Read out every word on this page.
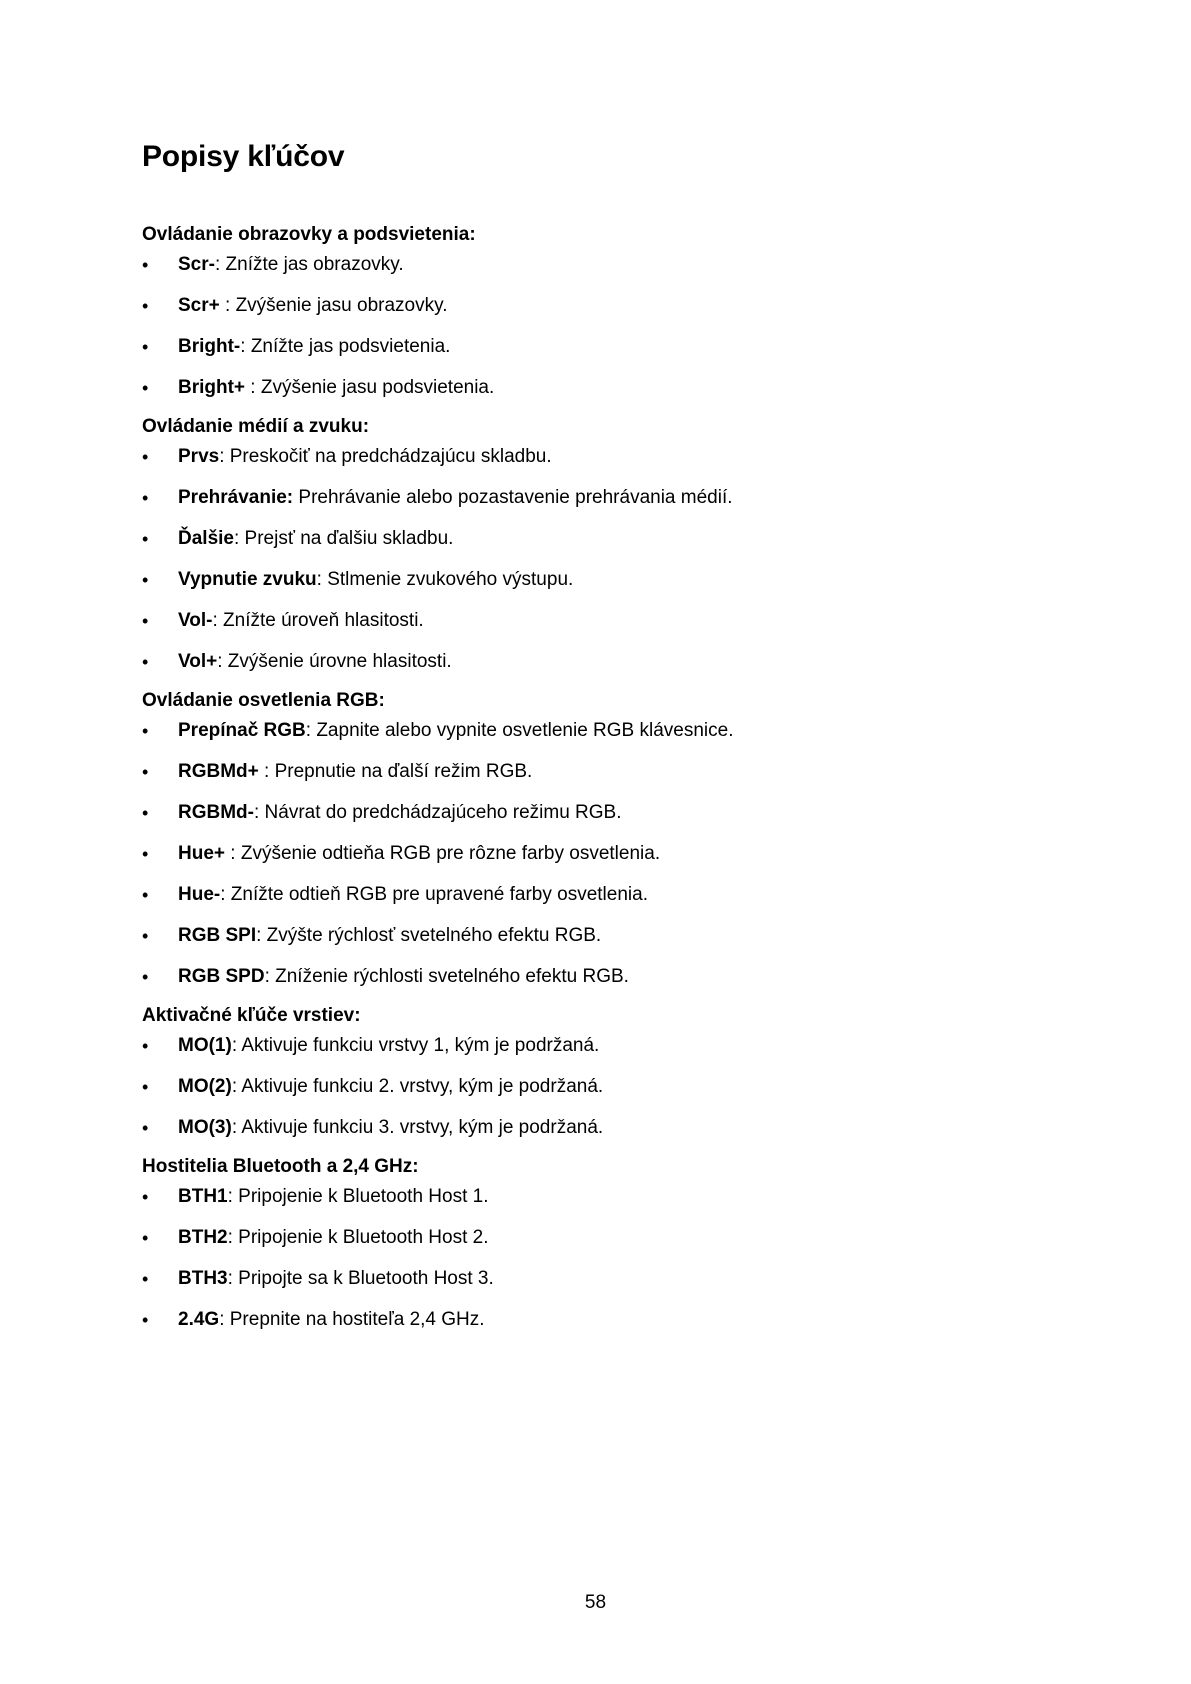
Popisy kľúčov
Ovládanie obrazovky a podsvietenia:
• Scr-: Znížte jas obrazovky.
• Scr+ : Zvýšenie jasu obrazovky.
• Bright-: Znížte jas podsvietenia.
• Bright+ : Zvýšenie jasu podsvietenia.
Ovládanie médií a zvuku:
• Prvs: Preskočiť na predchádzajúcu skladbu.
• Prehrávanie: Prehrávanie alebo pozastavenie prehrávania médií.
• Ďalšie: Prejsť na ďalšiu skladbu.
• Vypnutie zvuku: Stlmenie zvukového výstupu.
• Vol-: Znížte úroveň hlasitosti.
• Vol+: Zvýšenie úrovne hlasitosti.
Ovládanie osvetlenia RGB:
• Prepínač RGB: Zapnite alebo vypnite osvetlenie RGB klávesnice.
• RGBMd+ : Prepnutie na ďalší režim RGB.
• RGBMd-: Návrat do predchádzajúceho režimu RGB.
• Hue+ : Zvýšenie odtieňa RGB pre rôzne farby osvetlenia.
• Hue-: Znížte odtieň RGB pre upravené farby osvetlenia.
• RGB SPI: Zvýšte rýchlosť svetelného efektu RGB.
• RGB SPD: Zníženie rýchlosti svetelného efektu RGB.
Aktivačné kľúče vrstiev:
• MO(1): Aktivuje funkciu vrstvy 1, kým je podržaná.
• MO(2): Aktivuje funkciu 2. vrstvy, kým je podržaná.
• MO(3): Aktivuje funkciu 3. vrstvy, kým je podržaná.
Hostitelia Bluetooth a 2,4 GHz:
• BTH1: Pripojenie k Bluetooth Host 1.
• BTH2: Pripojenie k Bluetooth Host 2.
• BTH3: Pripojte sa k Bluetooth Host 3.
• 2.4G: Prepnite na hostiteľa 2,4 GHz.
58
